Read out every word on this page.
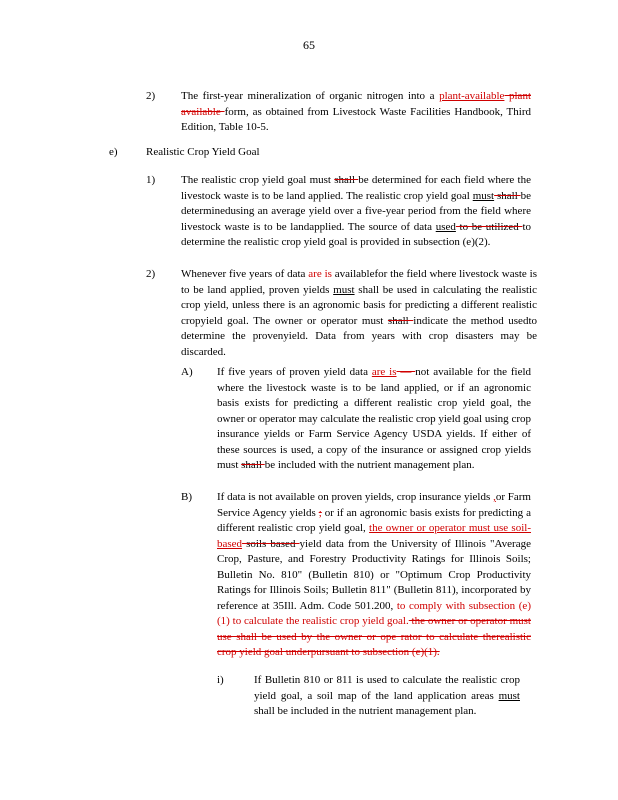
65
2) The first-year mineralization of organic nitrogen into a plant-available plant available form, as obtained from Livestock Waste Facilities Handbook, Third Edition, Table 10-5.
e)	Realistic Crop Yield Goal
1) The realistic crop yield goal must shall be determined for each field where the livestock waste is to be land applied. The realistic crop yield goal must shall be determinedusing an average yield over a five-year period from the field where livestock waste is to be landapplied. The source of data used to be utilized to determine the realistic crop yield goal is provided in subsection (e)(2).
2) Whenever five years of data are is availablefor the field where livestock waste is to be land applied, proven yields must shall be used in calculating the realistic crop yield, unless there is an agronomic basis for predicting a different realistic cropyield goal. The owner or operator must shall indicate the method usedto determine the provenyield. Data from years with crop disasters may be discarded.
A)	If five years of proven yield data are is — not available for the field where the livestock waste is to be land applied, or if an agronomic basis exists for predicting a different realistic crop yield goal, the owner or operator may calculate the realistic crop yield goal using crop insurance yields or Farm Service Agency USDA yields. If either of these sources is used, a copy of the insurance or assigned crop yields must shall be included with the nutrient management plan.
B) If data is not available on proven yields, crop insurance yields ,or Farm Service Agency yields ; or if an agronomic basis exists for predicting a different realistic crop yield goal, the owner or operator must use soil-based soils based yield data from the University of Illinois "Average Crop, Pasture, and Forestry Productivity Ratings for Illinois Soils; Bulletin No. 810" (Bulletin 810) or "Optimum Crop Productivity Ratings for Illinois Soils; Bulletin 811" (Bulletin 811), incorporated by reference at 35Ill. Adm. Code 501.200, to comply with subsection (e)(1) to calculate the realistic crop yield goal. the owner or operator must use shall be used by the owner or ope rator to calculate therealistic crop yield goal underpursuant to subsection (e)(1).
i)	If Bulletin 810 or 811 is used to calculate the realistic crop yield goal, a soil map of the land application areas must shall be included in the nutrient management plan.
